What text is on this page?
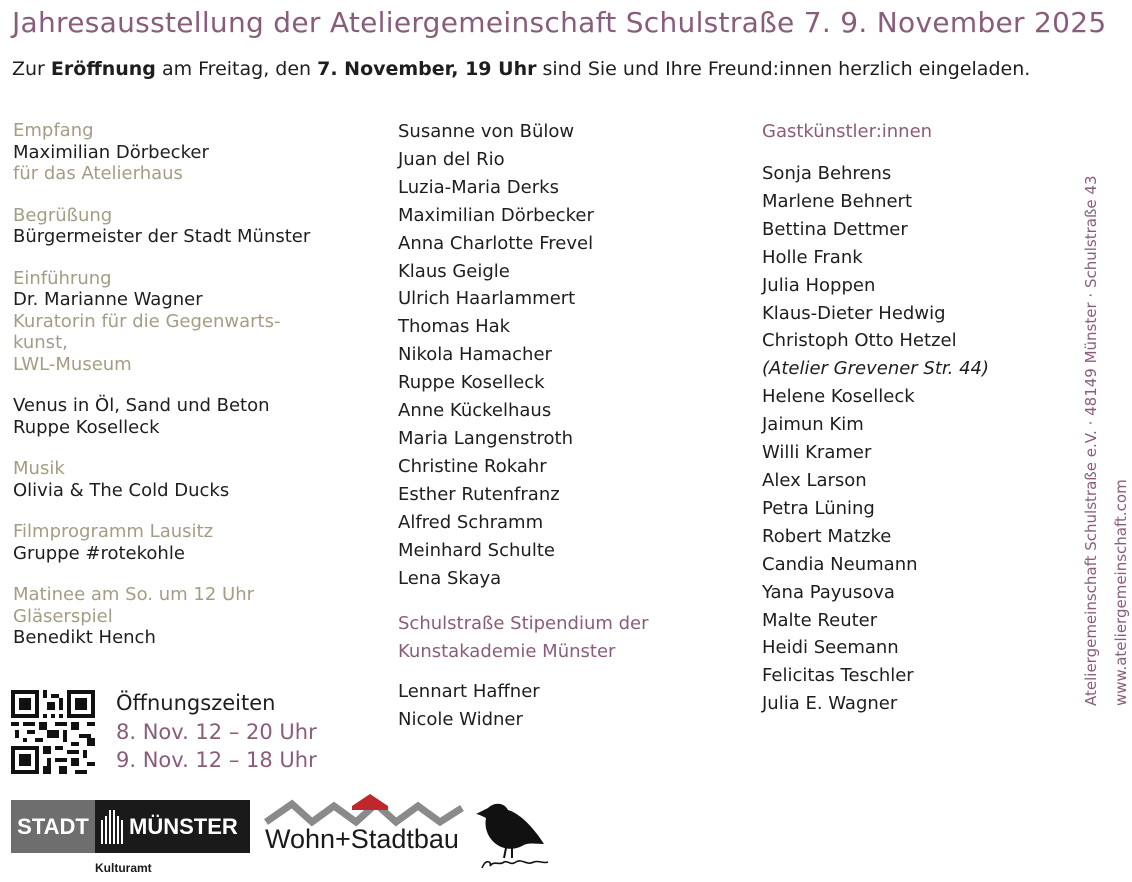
Jahresausstellung der Ateliergemeinschaft Schulstraße 7. 9. November 2025

Zur Eröffnung am Freitag, den 7. November, 19 Uhr sind Sie und Ihre Freund:innen herzlich eingeladen.

Empfang
Maximilian Dörbecker
für das Atelierhaus
Begrüßung
Bürgermeister der Stadt Münster
Einführung
Dr. Marianne Wagner
Kuratorin für die Gegenwarts-
kunst,
LWL-Museum
Venus in Öl, Sand und Beton
Ruppe Koselleck
Musik
Olivia & The Cold Ducks
Filmprogramm Lausitz
Gruppe #rotekohle
Matinee am So. um 12 Uhr
Gläserspiel
Benedikt Hench
Öffnungszeiten
8. Nov. 12 – 20 Uhr
9. Nov. 12 – 18 Uhr
Susanne von Bülow
Juan del Rio
Luzia-Maria Derks
Maximilian Dörbecker
Anna Charlotte Frevel
Klaus Geigle
Ulrich Haarlammert
Thomas Hak
Nikola Hamacher
Ruppe Koselleck
Anne Kückelhaus
Maria Langenstroth
Christine Rokahr
Esther Rutenfranz
Alfred Schramm
Meinhard Schulte
Lena Skaya
Schulstraße Stipendium der
Kunstakademie Münster
Lennart Haffner
Nicole Widner
Gastkünstler:innen
Sonja Behrens
Marlene Behnert
Bettina Dettmer
Holle Frank
Julia Hoppen
Klaus-Dieter Hedwig
Christoph Otto Hetzel
(Atelier Grevener Str. 44)
Helene Koselleck
Jaimun Kim
Willi Kramer
Alex Larson
Petra Lüning
Robert Matzke
Candia Neumann
Yana Payusova
Malte Reuter
Heidi Seemann
Felicitas Teschler
Julia E. Wagner	Ateliergemeinschaft Schulstraße e.V. · 48149 Münster · Schulstraße 43 www.ateliergemeinschaft.com
STADT MÜNSTER
Kulturamt
Wohn+Stadtbau
